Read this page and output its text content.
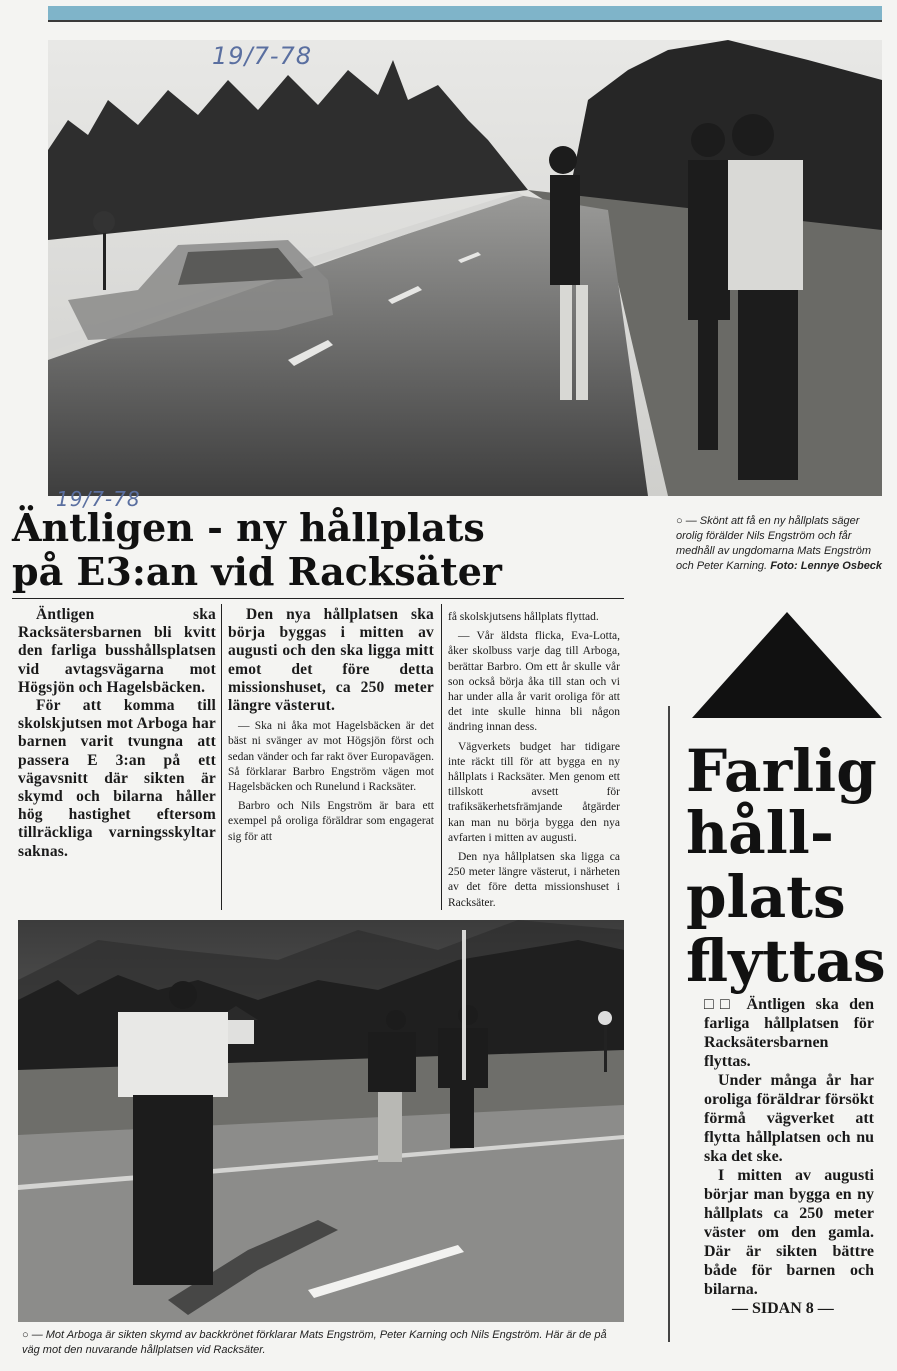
19/7-78
19/7-78
Äntligen - ny hållplats
på E3:an vid Racksäter

Äntligen ska Racksätersbarnen bli kvitt den farliga busshållsplatsen vid avtagsvägarna mot Högsjön och Hagelsbäcken.

För att komma till skolskjutsen mot Arboga har barnen varit tvungna att passera E 3:an på ett vägavsnitt där sikten är skymd och bilarna håller hög hastighet eftersom tillräckliga varningsskyltar saknas.

Den nya hållplatsen ska börja byggas i mitten av augusti och den ska ligga mitt emot det före detta missionshuset, ca 250 meter längre västerut.

— Ska ni åka mot Hagelsbäcken är det bäst ni svänger av mot Högsjön först och sedan vänder och far rakt över Europavägen. Så förklarar Barbro Engström vägen mot Hagelsbäcken och Runelund i Racksäter.

Barbro och Nils Engström är bara ett exempel på oroliga föräldrar som engagerat sig för att

få skolskjutsens hållplats flyttad.

— Vår äldsta flicka, Eva-Lotta, åker skolbuss varje dag till Arboga, berättar Barbro. Om ett år skulle vår son också börja åka till stan och vi har under alla år varit oroliga för att det inte skulle hinna bli någon ändring innan dess.

Vägverkets budget har tidigare inte räckt till för att bygga en ny hållplats i Racksäter. Men genom ett tillskott avsett för trafiksäkerhetsfrämjande åtgärder kan man nu börja bygga den nya avfarten i mitten av augusti.

Den nya hållplatsen ska ligga ca 250 meter längre västerut, i närheten av det före detta missionshuset i Racksäter.

○ — Skönt att få en ny hållplats säger orolig förälder Nils Engström och får medhåll av ungdomarna Mats Engström och Peter Karning. Foto: Lennye Osbeck
Farlig
håll-
plats
flyttas

□□ Äntligen ska den farliga hållplatsen för Racksätersbarnen flyttas.

Under många år har oroliga föräldrar försökt förmå vägverket att flytta hållplatsen och nu ska det ske.

I mitten av augusti börjar man bygga en ny hållplats ca 250 meter väster om den gamla. Där är sikten bättre både för barnen och bilarna.

— SIDAN 8 —
○ — Mot Arboga är sikten skymd av backkrönet förklarar Mats Engström, Peter Karning och Nils Engström. Här är de på väg mot den nuvarande hållplatsen vid Racksäter.
